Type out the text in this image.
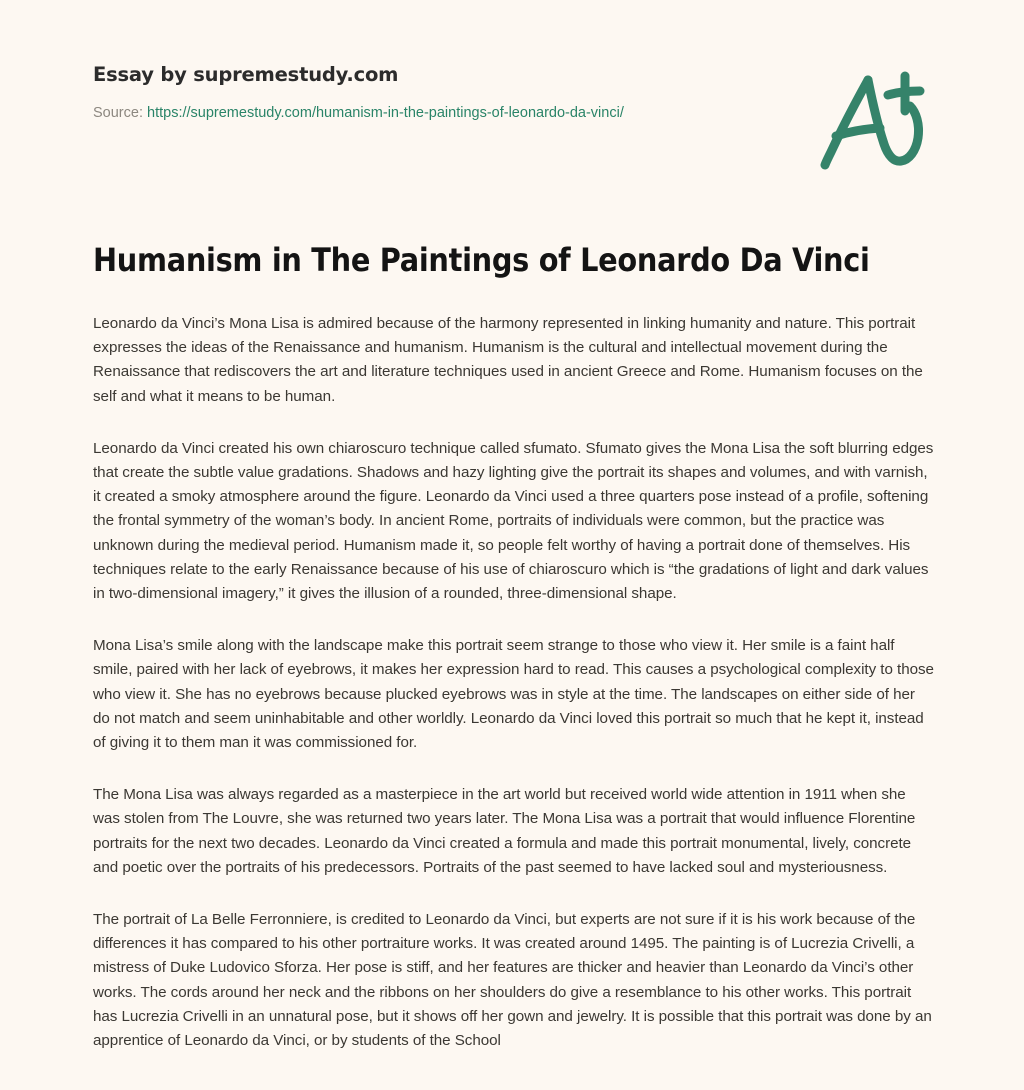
Essay by supremestudy.com
Source: https://supremestudy.com/humanism-in-the-paintings-of-leonardo-da-vinci/
Humanism in The Paintings of Leonardo Da Vinci

Leonardo da Vinci’s Mona Lisa is admired because of the harmony represented in linking humanity and nature. This portrait expresses the ideas of the Renaissance and humanism. Humanism is the cultural and intellectual movement during the Renaissance that rediscovers the art and literature techniques used in ancient Greece and Rome. Humanism focuses on the self and what it means to be human.

Leonardo da Vinci created his own chiaroscuro technique called sfumato. Sfumato gives the Mona Lisa the soft blurring edges that create the subtle value gradations. Shadows and hazy lighting give the portrait its shapes and volumes, and with varnish, it created a smoky atmosphere around the figure. Leonardo da Vinci used a three quarters pose instead of a profile, softening the frontal symmetry of the woman’s body. In ancient Rome, portraits of individuals were common, but the practice was unknown during the medieval period. Humanism made it, so people felt worthy of having a portrait done of themselves. His techniques relate to the early Renaissance because of his use of chiaroscuro which is “the gradations of light and dark values in two-dimensional imagery,” it gives the illusion of a rounded, three-dimensional shape.

Mona Lisa’s smile along with the landscape make this portrait seem strange to those who view it. Her smile is a faint half smile, paired with her lack of eyebrows, it makes her expression hard to read. This causes a psychological complexity to those who view it. She has no eyebrows because plucked eyebrows was in style at the time. The landscapes on either side of her do not match and seem uninhabitable and other worldly. Leonardo da Vinci loved this portrait so much that he kept it, instead of giving it to them man it was commissioned for.

The Mona Lisa was always regarded as a masterpiece in the art world but received world wide attention in 1911 when she was stolen from The Louvre, she was returned two years later. The Mona Lisa was a portrait that would influence Florentine portraits for the next two decades. Leonardo da Vinci created a formula and made this portrait monumental, lively, concrete and poetic over the portraits of his predecessors. Portraits of the past seemed to have lacked soul and mysteriousness.

The portrait of La Belle Ferronniere, is credited to Leonardo da Vinci, but experts are not sure if it is his work because of the differences it has compared to his other portraiture works. It was created around 1495. The painting is of Lucrezia Crivelli, a mistress of Duke Ludovico Sforza. Her pose is stiff, and her features are thicker and heavier than Leonardo da Vinci’s other works. The cords around her neck and the ribbons on her shoulders do give a resemblance to his other works. This portrait has Lucrezia Crivelli in an unnatural pose, but it shows off her gown and jewelry. It is possible that this portrait was done by an apprentice of Leonardo da Vinci, or by students of the School
